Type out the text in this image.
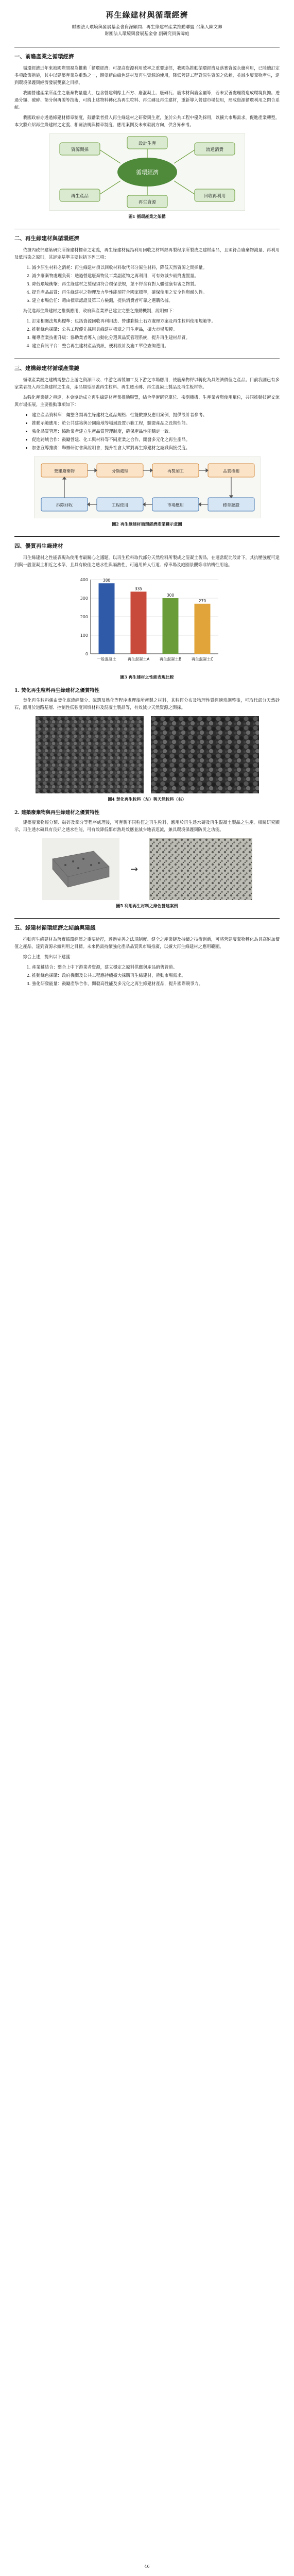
再生綠建材與循環經濟
財團法人環境與發展基金會資深顧問、再生綠建材產業推動聯盟 召集人陳文卿
財團法人環境與發展基金會 副研究員黃暐庭
一、前瞻產業之循環經濟

循環經濟近年來被國際間視為推動「循環經濟」可提高資源利用效率之重要途徑，我國為推動循環經濟及落實資源永續利用，已陸續訂定多項政策措施，其中以建築產業為重點之一，期望藉由綠色建材及再生資源的使用，降低營建工程對原生資源之依賴，並減少廢棄物產生，達到環境保護與經濟發展雙贏之目標。

我國營建產業所產生之廢棄物量龐大，包含營建剩餘土石方、廢混凝土、廢磚瓦、廢木材與廢金屬等，若未妥善處理將造成環境負擔。透過分類、破碎、篩分與再製等技術，可將上述物料轉化為再生粒料、再生磚及再生建材，重新導入營建市場使用，形成資源循環利用之閉合系統。

我國政府亦透過綠建材標章制度，鼓勵業者投入再生綠建材之研發與生產，並於公共工程中優先採用，以擴大市場需求，促進產業轉型。本文將介紹再生綠建材之定義、相關法規與標章制度、應用案例及未來發展方向，供各界參考。

循環經濟
資源開採
設計生產
流通消費
回收再利用
再生資源
再生產品
圖1 循環產業之架構
二、再生綠建材與循環經濟

依據內政部建築研究所綠建材標章之定義，再生綠建材係指利用回收之材料經再製程序所製成之建材產品，且須符合廢棄物減量、再利用及低污染之原則，其評定基準主要包括下列三項：

1. 減少原生材料之消耗：再生綠建材須以回收材料取代部分原生材料，降低天然資源之開採量。
2. 減少廢棄物處理負荷：透過營建廢棄物及工業副產物之再利用，可有效減少最終處置量。
3. 降低環境衝擊：再生綠建材之製程須符合環保法規，並不得含有對人體健康有害之物質。
4. 提升產品品質：再生綠建材之物理及力學性能須符合國家標準，確保使用之安全性與耐久性。
5. 建立市場信任：藉由標章認證及第三方檢測，提供消費者可靠之選購依據。

為促進再生綠建材之推廣應用，政府與產業界已建立完整之推動機制，說明如下：

1. 訂定相關法規與標準：包括資源回收再利用法、營建剩餘土石方處理方案及再生粒料使用規範等。
2. 推動綠色採購：公共工程優先採用具綠建材標章之再生產品，擴大市場規模。
3. 輔導產業技術升級：協助業者導入自動化分選與品質管理系統，提升再生建材品質。
4. 建立資訊平台：整合再生建材產品資訊，便利設計及施工單位查詢選用。
三、建構綠建材循環產業鏈

循環產業鏈之建構需整合上游之資源回收、中游之再製加工及下游之市場應用，使廢棄物得以轉化為具經濟價值之產品。目前我國已有多家業者投入再生綠建材之生產，產品類型涵蓋再生粒料、再生透水磚、再生混凝土製品及再生板材等。

為強化產業鏈之串連，本會協助成立再生綠建材產業推動聯盟，結合學術研究單位、檢測機構、生產業者與使用單位，共同推動技術交流與市場拓展。主要推動事項如下：

• 建立產品資料庫：彙整各類再生綠建材之產品規格、性能數據及應用案例，提供設計者參考。
• 推動示範應用：於公共建築與公園綠地等場域設置示範工程，驗證產品之長期性能。
• 強化品質管理：協助業者建立生產品質管理制度，確保產品性能穩定一致。
• 促進跨域合作：鼓勵營建、化工與材料等不同產業之合作，開發多元化之再生產品。
• 加強宣導推廣：舉辦研討會與說明會，提升社會大眾對再生綠建材之認識與接受度。
營建廢棄物	分類處理	再製加工	品質檢測
標章認證
市場應用
工程使用
拆除回收
圖2 再生綠建材循環經濟產業鏈示意圖
四、優質再生綠建材

再生綠建材之性能表現為使用者最關心之議題。以再生粒料取代部分天然粒料所製成之混凝土製品，在適當配比設計下，其抗壓強度可達到與一般混凝土相近之水準，且具有較佳之透水性與隔熱性，可適用於人行道、停車場及庭園景觀等非結構性用途。

0
100
200
300
400	380
一般混凝土
335
再生混凝土A
300
再生混凝土B
270
再生混凝土C
圖3 再生建材之性能表現比較
1. 焚化再生粒料再生綠建材之優質特性

焚化再生粒料係由焚化底渣經篩分、磁選及熟化等程序處理後所產製之材料，其粒徑分布及物理性質經適當調整後，可取代部分天然砂石，應用於道路基層、控制性低強度回填材料及混凝土製品等，有效減少天然資源之開採。

圖4 焚化再生粒料（左）與天然粒料（右）
2. 建築廢棄物與再生綠建材之優質特性

建築廢棄物經分類、破碎及篩分等程序處理後，可產製不同粒徑之再生粒料，應用於再生透水磚及再生混凝土製品之生產。相關研究顯示，再生透水磚具有良好之透水性能，可有效降低都市熱島效應並減少地表逕流，兼具環境保護與防災之功能。

→
圖5 利用再生材料之綠色營建案例
五、綠建材循環經濟之結論與建議

推動再生綠建材為落實循環經濟之重要途徑，透過完善之法規制度、健全之產業鏈及持續之技術創新，可將營建廢棄物轉化為具高附加價值之產品，達到資源永續利用之目標。未來仍需持續強化產品品質與市場推廣，以擴大再生綠建材之應用範圍。

綜合上述，提出以下建議：

1. 產業鏈結合：整合上中下游業者資源，建立穩定之原料供應與產品銷售管道。
2. 推動綠色採購：政府機關及公共工程應持續擴大採購再生綠建材，帶動市場需求。
3. 強化研發能量：鼓勵產學合作，開發高性能及多元化之再生綠建材產品，提升國際競爭力。
46
